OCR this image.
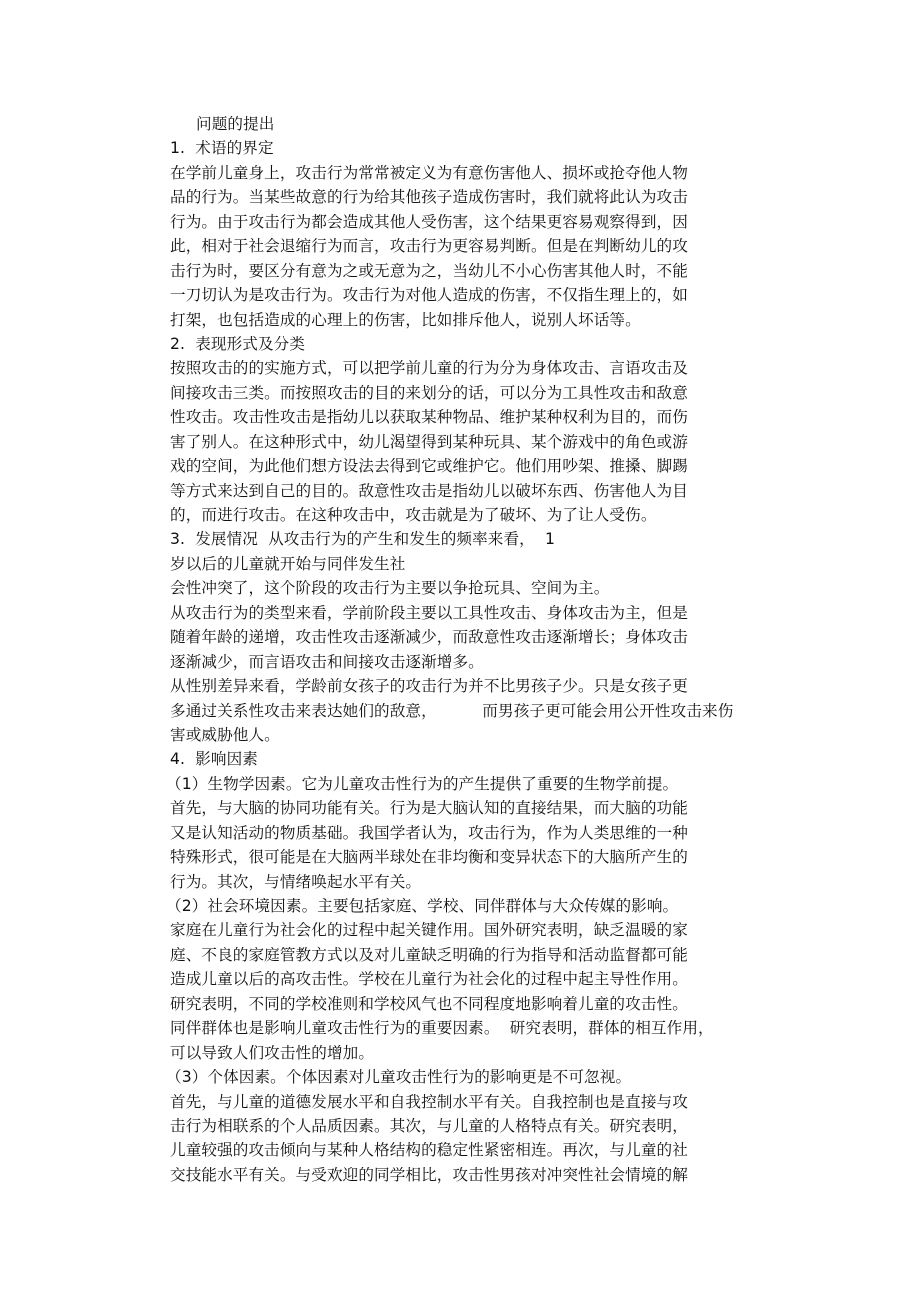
问题的提出
1.  术语的界定
在学前儿童身上，攻击行为常常被定义为有意伤害他人、损坏或抢夺他人物
品的行为。当某些故意的行为给其他孩子造成伤害时，我们就将此认为攻击
行为。由于攻击行为都会造成其他人受伤害，这个结果更容易观察得到，因
此，相对于社会退缩行为而言，攻击行为更容易判断。但是在判断幼儿的攻
击行为时，要区分有意为之或无意为之，当幼儿不小心伤害其他人时，不能
一刀切认为是攻击行为。攻击行为对他人造成的伤害，不仅指生理上的，如
打架，也包括造成的心理上的伤害，比如排斥他人，说别人坏话等。
2.  表现形式及分类
按照攻击的的实施方式，可以把学前儿童的行为分为身体攻击、言语攻击及
间接攻击三类。而按照攻击的目的来划分的话，可以分为工具性攻击和敌意
性攻击。攻击性攻击是指幼儿以获取某种物品、维护某种权利为目的，而伤
害了别人。在这种形式中，幼儿渴望得到某种玩具、某个游戏中的角色或游
戏的空间，为此他们想方设法去得到它或维护它。他们用吵架、推搡、脚踢
等方式来达到自己的目的。敌意性攻击是指幼儿以破坏东西、伤害他人为目
的，而进行攻击。在这种攻击中，攻击就是为了破坏、为了让人受伤。
3.  发展情况  从攻击行为的产生和发生的频率来看，  1
岁以后的儿童就开始与同伴发生社
会性冲突了，这个阶段的攻击行为主要以争抢玩具、空间为主。
从攻击行为的类型来看，学前阶段主要以工具性攻击、身体攻击为主，但是
随着年龄的递增，攻击性攻击逐渐减少，而敌意性攻击逐渐增长；身体攻击
逐渐减少，而言语攻击和间接攻击逐渐增多。
从性别差异来看，学龄前女孩子的攻击行为并不比男孩子少。只是女孩子更
多通过关系性攻击来表达她们的敌意，         而男孩子更可能会用公开性攻击来伤
害或威胁他人。
4.  影响因素
（1）生物学因素。它为儿童攻击性行为的产生提供了重要的生物学前提。
首先，与大脑的协同功能有关。行为是大脑认知的直接结果，而大脑的功能
又是认知活动的物质基础。我国学者认为，攻击行为，作为人类思维的一种
特殊形式，很可能是在大脑两半球处在非均衡和变异状态下的大脑所产生的
行为。其次，与情绪唤起水平有关。
（2）社会环境因素。主要包括家庭、学校、同伴群体与大众传媒的影响。
家庭在儿童行为社会化的过程中起关键作用。国外研究表明，缺乏温暖的家
庭、不良的家庭管教方式以及对儿童缺乏明确的行为指导和活动监督都可能
造成儿童以后的高攻击性。学校在儿童行为社会化的过程中起主导性作用。
研究表明，不同的学校准则和学校风气也不同程度地影响着儿童的攻击性。
同伴群体也是影响儿童攻击性行为的重要因素。  研究表明，群体的相互作用，
可以导致人们攻击性的增加。
（3）个体因素。个体因素对儿童攻击性行为的影响更是不可忽视。
首先，与儿童的道德发展水平和自我控制水平有关。自我控制也是直接与攻
击行为相联系的个人品质因素。其次，与儿童的人格特点有关。研究表明，
儿童较强的攻击倾向与某种人格结构的稳定性紧密相连。再次，与儿童的社
交技能水平有关。与受欢迎的同学相比，攻击性男孩对冲突性社会情境的解
